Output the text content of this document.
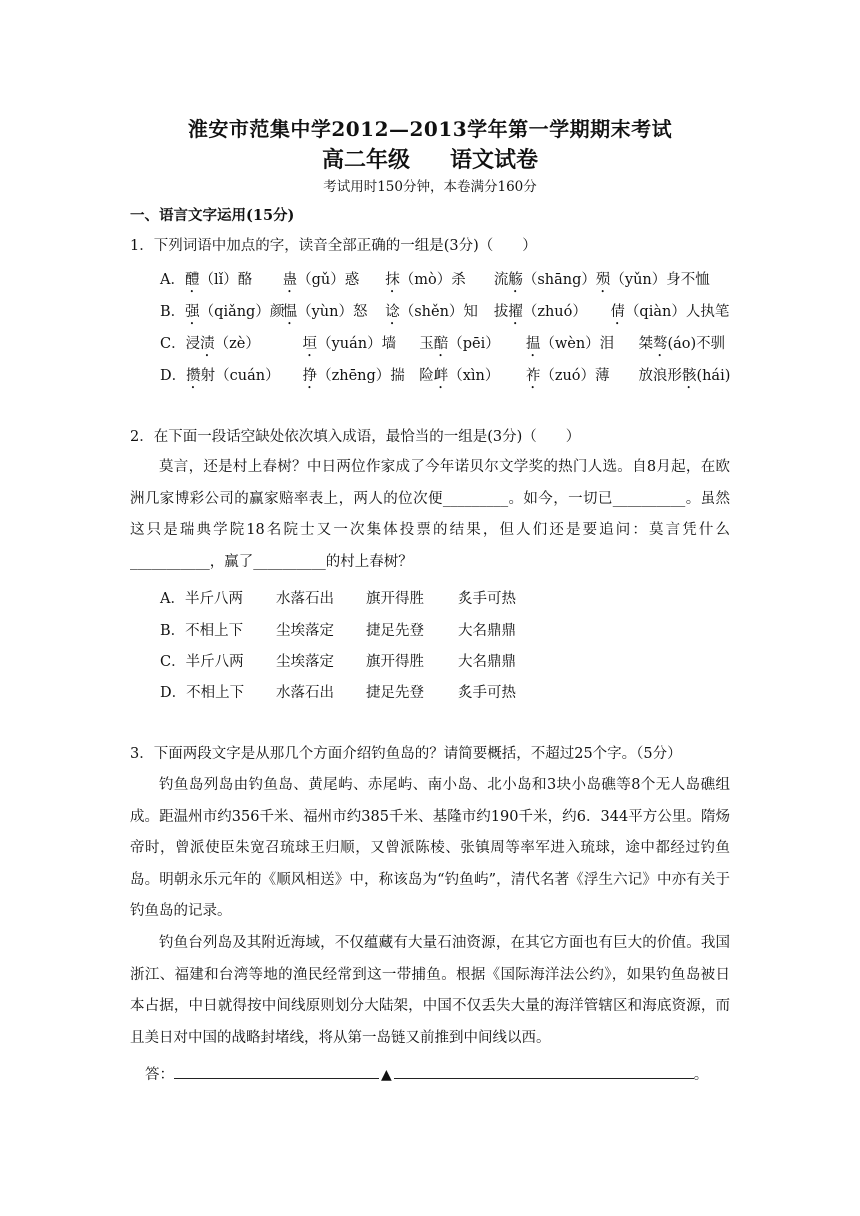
淮安市范集中学2012—2013学年第一学期期末考试
高二年级 语文试卷
考试用时150分钟，本卷满分160分
一、语言文字运用(15分)
1．下列词语中加点的字，读音全部正确的一组是(3分)（　　）
A．醴（lǐ）酪 蛊（gǔ）惑 抹（mò）杀 流觞（shāng）殒（yǔn）身不恤
B．强（qiǎng）颜 愠（yùn）怒 谂（shěn）知 拔擢（zhuó） 倩（qiàn）人执笔
C．浸渍（zè）	垣（yuán）墙 玉醅（pēi） 揾（wèn）泪 桀骜(áo)不驯
D．攒射（cuán） 挣（zhēng）揣 险衅（xìn） 祚（zuó）薄 放浪形骸(hái)
2．在下面一段话空缺处依次填入成语，最恰当的一组是(3分)（　　）
莫言，还是村上春树？中日两位作家成了今年诺贝尔文学奖的热门人选。自8月起，在欧洲几家博彩公司的赢家赔率表上，两人的位次便_________。如今，一切已__________。虽然这只是瑞典学院18名院士又一次集体投票的结果，但人们还是要追问：莫言凭什么___________，赢了__________的村上春树？
A．半斤八两 水落石出 旗开得胜 炙手可热
B．不相上下 尘埃落定 捷足先登 大名鼎鼎
C．半斤八两 尘埃落定 旗开得胜 大名鼎鼎
D．不相上下 水落石出 捷足先登 炙手可热
3．下面两段文字是从那几个方面介绍钓鱼岛的？请简要概括，不超过25个字。（5分）
钓鱼岛列岛由钓鱼岛、黄尾屿、赤尾屿、南小岛、北小岛和3块小岛礁等8个无人岛礁组成。距温州市约356千米、福州市约385千米、基隆市约190千米，约6．344平方公里。隋炀帝时，曾派使臣朱宽召琉球王归顺，又曾派陈棱、张镇周等率军进入琉球，途中都经过钓鱼岛。明朝永乐元年的《顺风相送》中，称该岛为“钓鱼屿”，清代名著《浮生六记》中亦有关于钓鱼岛的记录。
钓鱼台列岛及其附近海域，不仅蕴藏有大量石油资源，在其它方面也有巨大的价值。我国浙江、福建和台湾等地的渔民经常到这一带捕鱼。根据《国际海洋法公约》，如果钓鱼岛被日本占据，中日就得按中间线原则划分大陆架，中国不仅丢失大量的海洋管辖区和海底资源，而且美日对中国的战略封堵线，将从第一岛链又前推到中间线以西。
答：	▲	。
